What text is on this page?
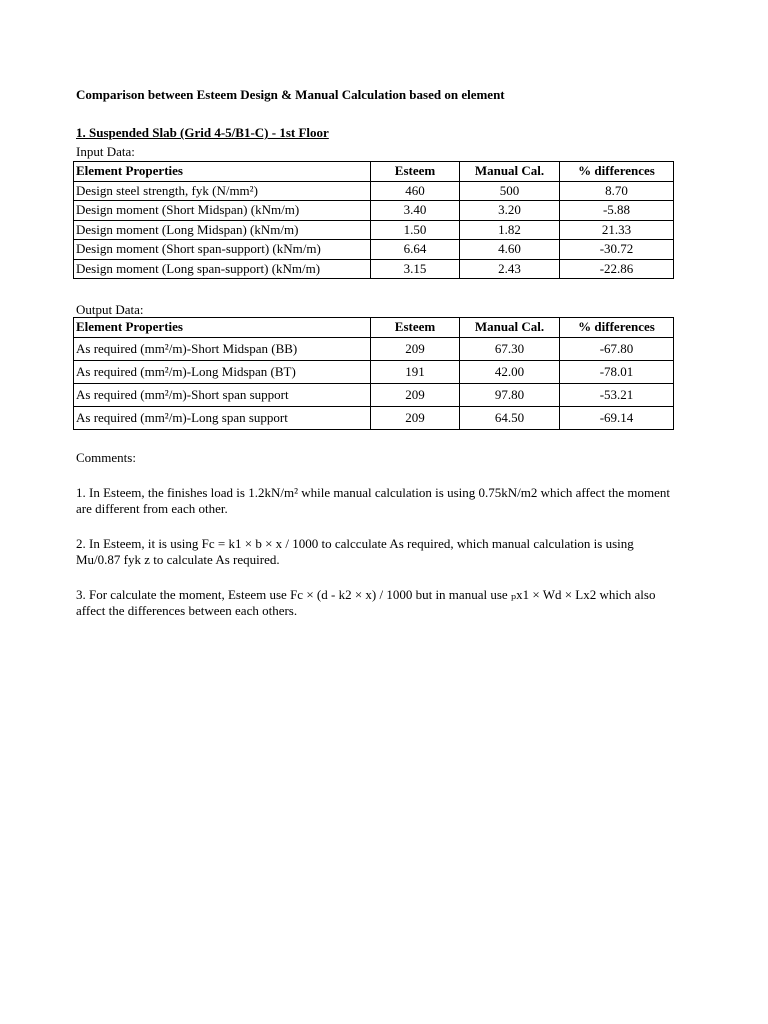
Comparison between Esteem Design & Manual Calculation based on element
1. Suspended Slab (Grid 4-5/B1-C) - 1st Floor
Input Data:
Element Properties	Esteem	Manual Cal.	% differences
Design steel strength, fyk (N/mm²)	460	500	8.70
Design moment (Short Midspan) (kNm/m)	3.40	3.20	-5.88
Design moment (Long Midspan) (kNm/m)	1.50	1.82	21.33
Design moment (Short span-support) (kNm/m)	6.64	4.60	-30.72
Design moment (Long span-support) (kNm/m)	3.15	2.43	-22.86
Output Data:
Element Properties	Esteem	Manual Cal.	% differences
As required (mm²/m)-Short Midspan (BB)	209	67.30	-67.80
As required (mm²/m)-Long Midspan (BT)	191	42.00	-78.01
As required (mm²/m)-Short span support	209	97.80	-53.21
As required (mm²/m)-Long span support	209	64.50	-69.14
Comments:
1. In Esteem, the finishes load is 1.2kN/m² while manual calculation is using 0.75kN/m2 which affect the moment are different from each other.
2. In Esteem, it is using Fc = k1 × b × x / 1000 to calcculate As required, which manual calculation is using Mu/0.87 fyk z to calculate As required.
3. For calculate the moment, Esteem use Fc × (d - k2 × x) / 1000 but in manual use ₚx1 × Wd × Lx2 which also affect the differences between each others.
